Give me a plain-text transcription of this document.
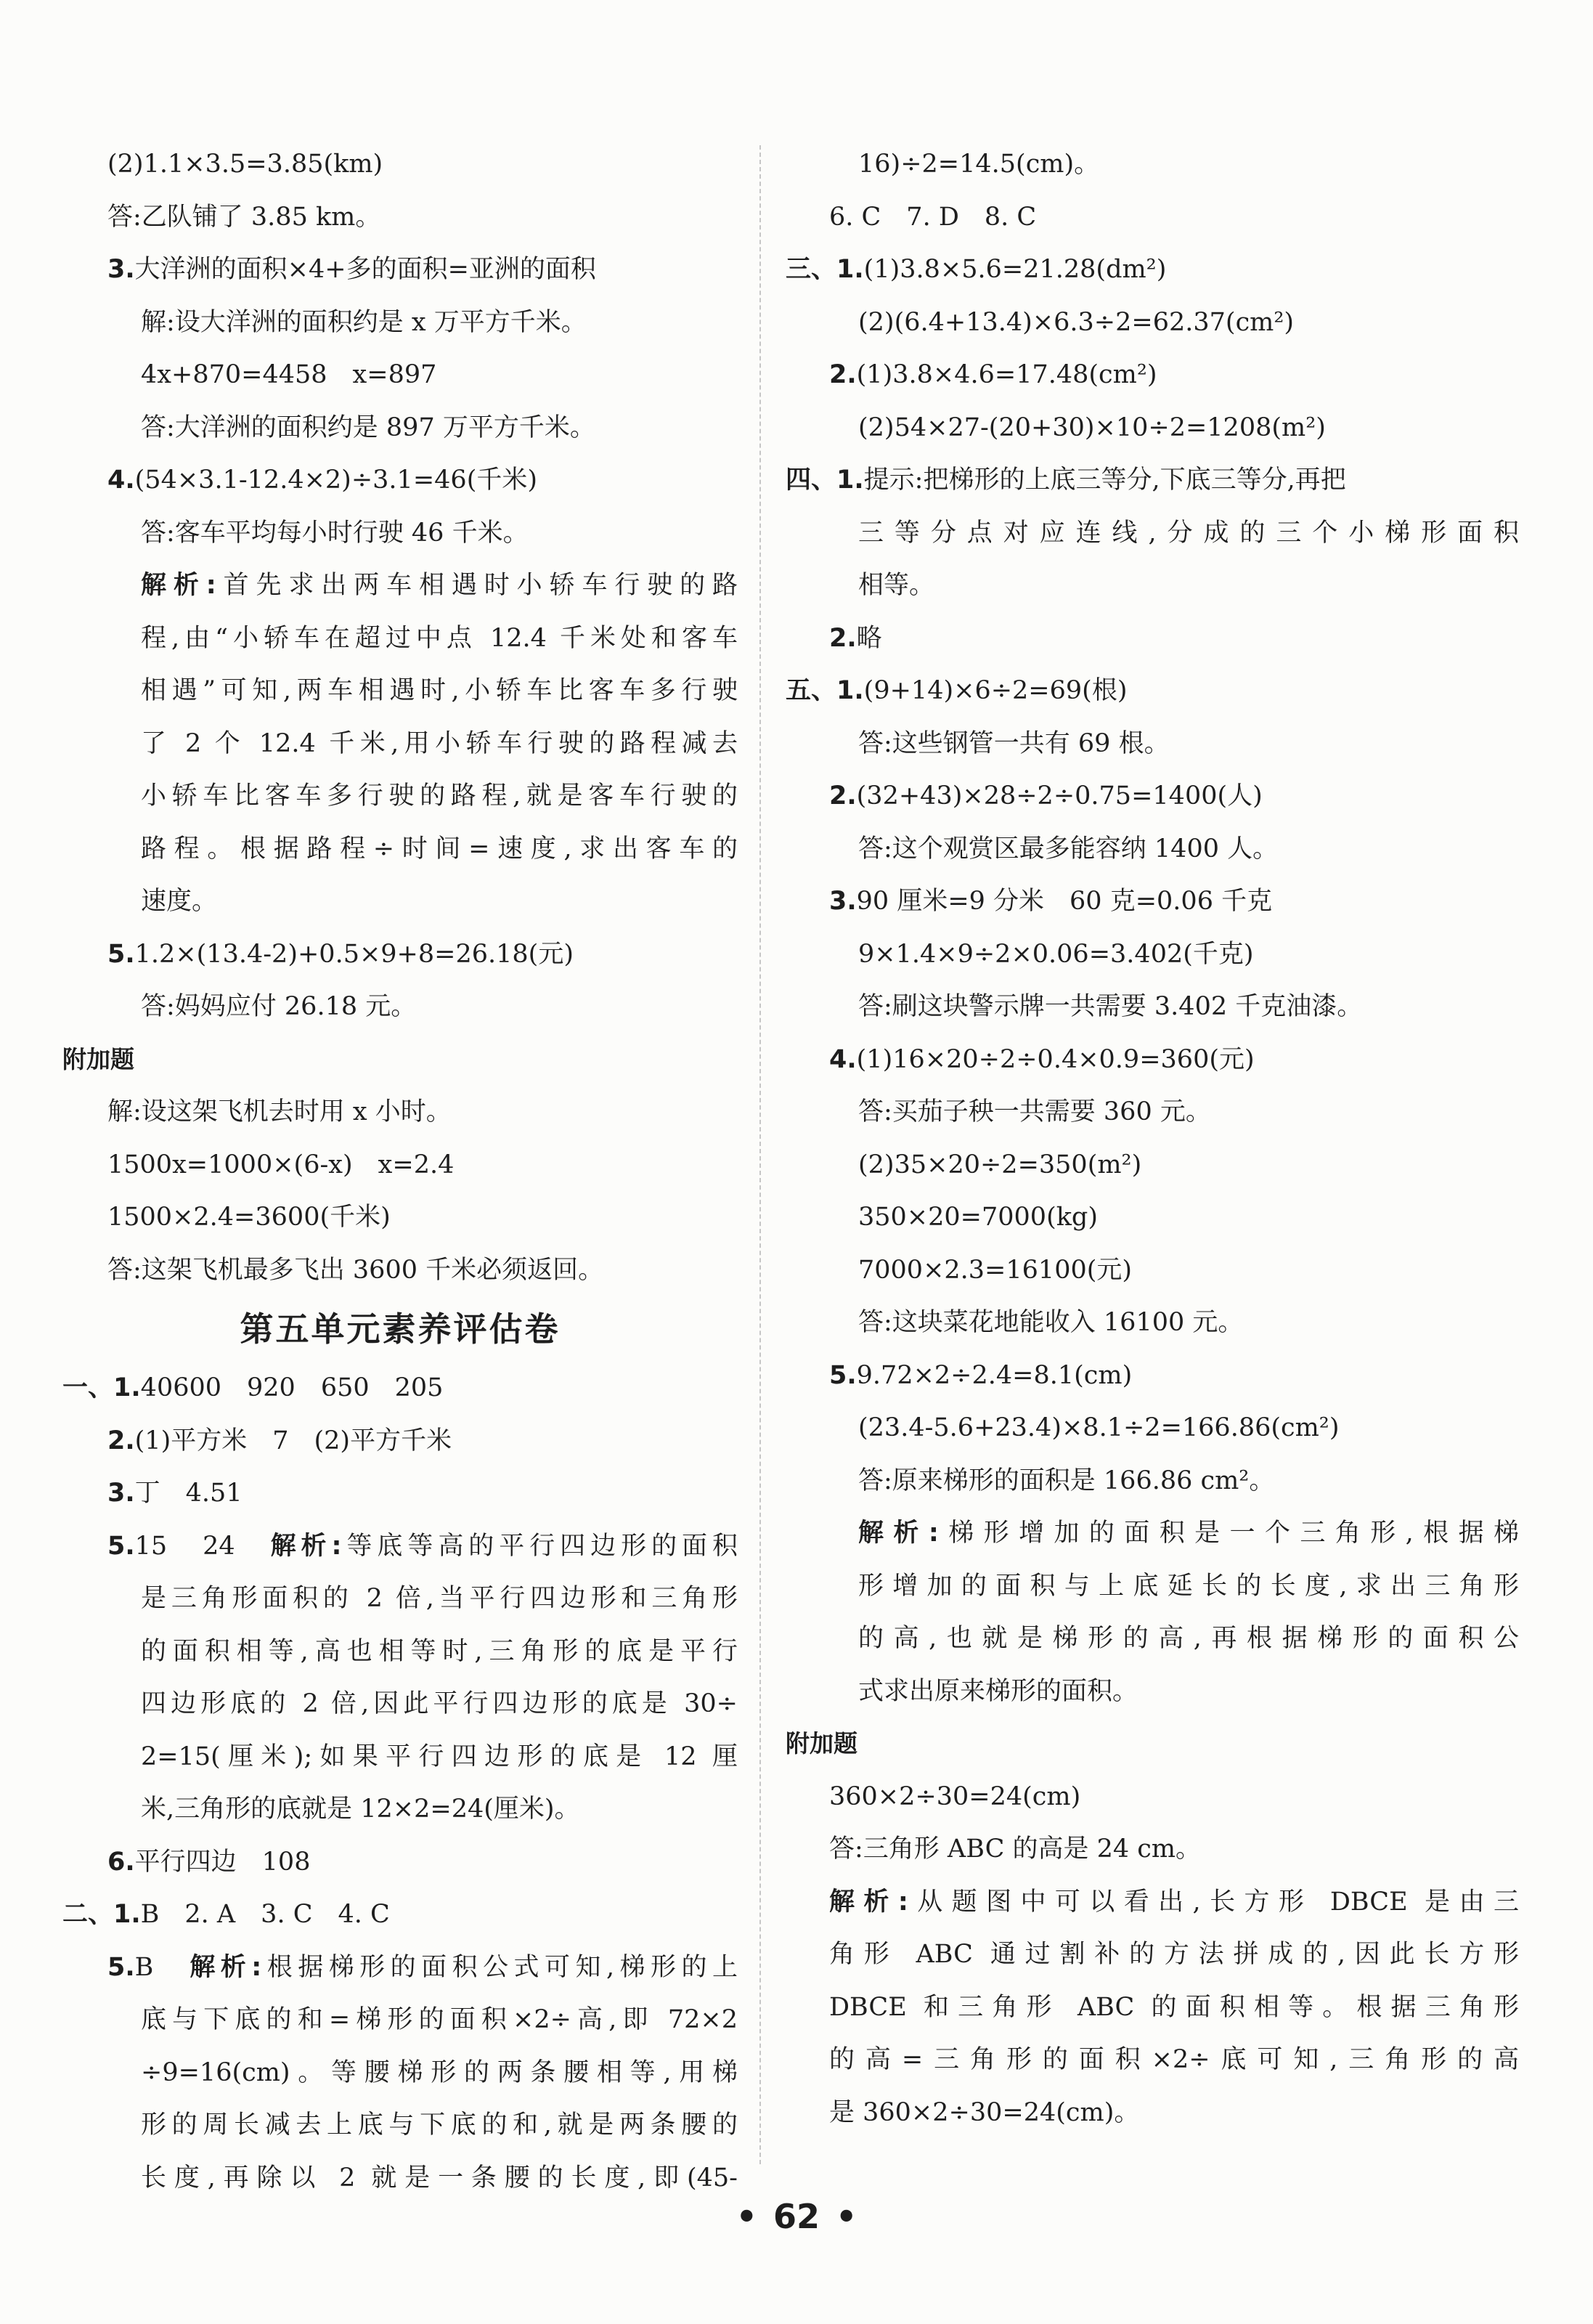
(2)1.1×3.5=3.85(km)
答:乙队铺了 3.85 km。
3.大洋洲的面积×4+多的面积=亚洲的面积
解:设大洋洲的面积约是 x 万平方千米。
4x+870=4458　x=897
答:大洋洲的面积约是 897 万平方千米。
4.(54×3.1-12.4×2)÷3.1=46(千米)
答:客车平均每小时行驶 46 千米。
解析:首先求出两车相遇时小轿车行驶的路
程,由“小轿车在超过中点 12.4 千米处和客车
相遇”可知,两车相遇时,小轿车比客车多行驶
了 2 个 12.4 千米,用小轿车行驶的路程减去
小轿车比客车多行驶的路程,就是客车行驶的
路程。根据路程÷时间=速度,求出客车的
速度。
5.1.2×(13.4-2)+0.5×9+8=26.18(元)
答:妈妈应付 26.18 元。
附加题
解:设这架飞机去时用 x 小时。
1500x=1000×(6-x)　x=2.4
1500×2.4=3600(千米)
答:这架飞机最多飞出 3600 千米必须返回。
第五单元素养评估卷
一、1.40600　920　650　205
2.(1)平方米　7　(2)平方千米
3.丁　4.51
5.15　24　解析:等底等高的平行四边形的面积
是三角形面积的 2 倍,当平行四边形和三角形
的面积相等,高也相等时,三角形的底是平行
四边形底的 2 倍,因此平行四边形的底是 30÷
2=15(厘米);如果平行四边形的底是 12 厘
米,三角形的底就是 12×2=24(厘米)。
6.平行四边　108
二、1.B　2. A　3. C　4. C
5.B　解析:根据梯形的面积公式可知,梯形的上
底与下底的和=梯形的面积×2÷高,即 72×2
÷9=16(cm)。等腰梯形的两条腰相等,用梯
形的周长减去上底与下底的和,就是两条腰的
长度,再除以 2 就是一条腰的长度,即(45-
16)÷2=14.5(cm)。
6. C　7. D　8. C
三、1.(1)3.8×5.6=21.28(dm²)
(2)(6.4+13.4)×6.3÷2=62.37(cm²)
2.(1)3.8×4.6=17.48(cm²)
(2)54×27-(20+30)×10÷2=1208(m²)
四、1.提示:把梯形的上底三等分,下底三等分,再把
三等分点对应连线,分成的三个小梯形面积
相等。
2.略
五、1.(9+14)×6÷2=69(根)
答:这些钢管一共有 69 根。
2.(32+43)×28÷2÷0.75=1400(人)
答:这个观赏区最多能容纳 1400 人。
3.90 厘米=9 分米　60 克=0.06 千克
9×1.4×9÷2×0.06=3.402(千克)
答:刷这块警示牌一共需要 3.402 千克油漆。
4.(1)16×20÷2÷0.4×0.9=360(元)
答:买茄子秧一共需要 360 元。
(2)35×20÷2=350(m²)
350×20=7000(kg)
7000×2.3=16100(元)
答:这块菜花地能收入 16100 元。
5.9.72×2÷2.4=8.1(cm)
(23.4-5.6+23.4)×8.1÷2=166.86(cm²)
答:原来梯形的面积是 166.86 cm²。
解析:梯形增加的面积是一个三角形,根据梯
形增加的面积与上底延长的长度,求出三角形
的高,也就是梯形的高,再根据梯形的面积公
式求出原来梯形的面积。
附加题
360×2÷30=24(cm)
答:三角形 ABC 的高是 24 cm。
解析:从题图中可以看出,长方形 DBCE 是由三
角形 ABC 通过割补的方法拼成的,因此长方形
DBCE 和三角形 ABC 的面积相等。根据三角形
的高=三角形的面积×2÷底可知,三角形的高
是 360×2÷30=24(cm)。
• 62 •
